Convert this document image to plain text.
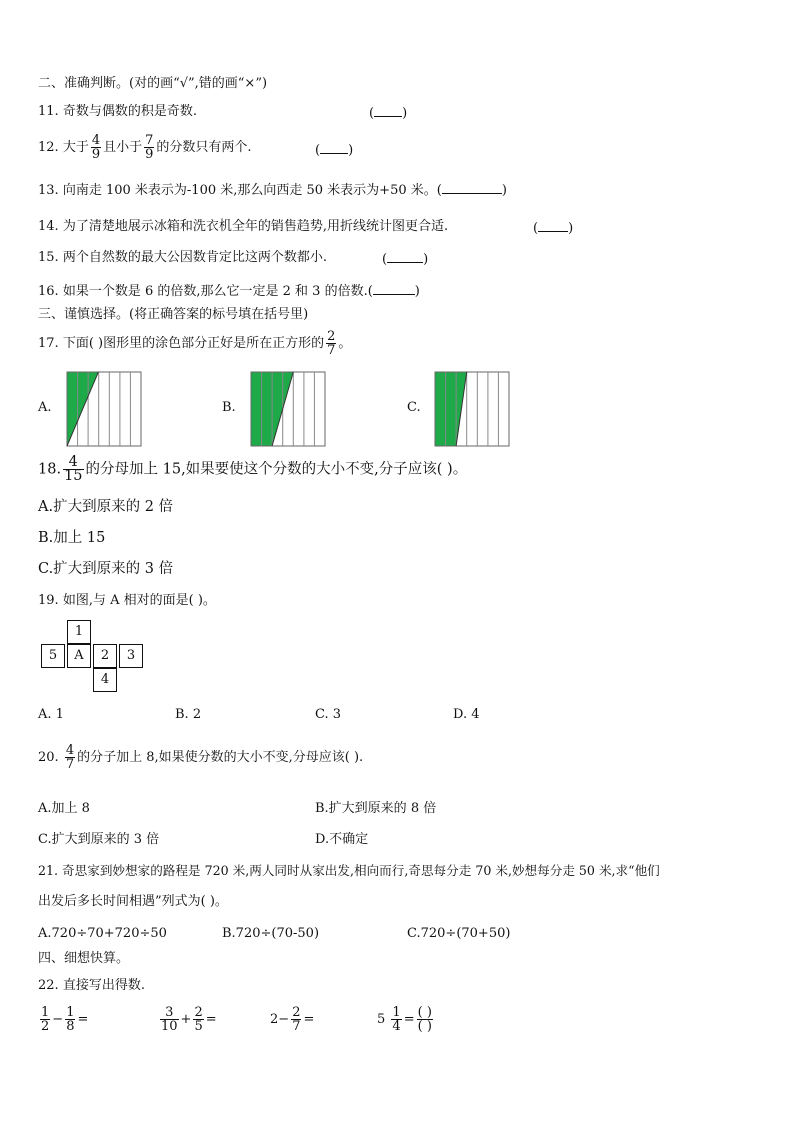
二、准确判断。(对的画“√”,错的画“×”)
11. 奇数与偶数的积是奇数.	( )
12. 大于 $\frac{4}{9}$ 且小于 $\frac{7}{9}$ 的分数只有两个.	( )
13. 向南走 100 米表示为-100 米,那么向西走 50 米表示为+50 米。(	)
14. 为了清楚地展示冰箱和洗衣机全年的销售趋势,用折线统计图更合适.	( )
15. 两个自然数的最大公因数肯定比这两个数都小.	(	)
16. 如果一个数是 6 的倍数,那么它一定是 2 和 3 的倍数.(	)
三、谨慎选择。(将正确答案的标号填在括号里)
17. 下面( )图形里的涂色部分正好是所在正方形的 $\frac{2}{7}$ 。
A.	B.	C.
18. $\frac{4}{15}$ 的分母加上 15,如果要使这个分数的大小不变,分子应该( )。
A.扩大到原来的 2 倍
B.加上 15
C.扩大到原来的 3 倍
19. 如图,与 A 相对的面是( )。
1
5	A	2	3
4
A. 1	B. 2	C. 3	D. 4
20. $\frac{4}{7}$ 的分子加上 8,如果使分数的大小不变,分母应该( ).
A.加上 8	B.扩大到原来的 8 倍
C.扩大到原来的 3 倍	D.不确定
21. 奇思家到妙想家的路程是 720 米,两人同时从家出发,相向而行,奇思每分走 70 米,妙想每分走 50 米,求“他们
出发后多长时间相遇”列式为( )。
A.720÷70+720÷50	B.720÷(70-50)	C.720÷(70+50)
四、细想快算。
22. 直接写出得数.
$\frac{1}{2} - \frac{1}{8}$ =	$\frac{3}{10} + \frac{2}{5}$ =	$2- \frac{2}{7}$ =	$5 \frac{1}{4} = \frac{( )}{( )}$
